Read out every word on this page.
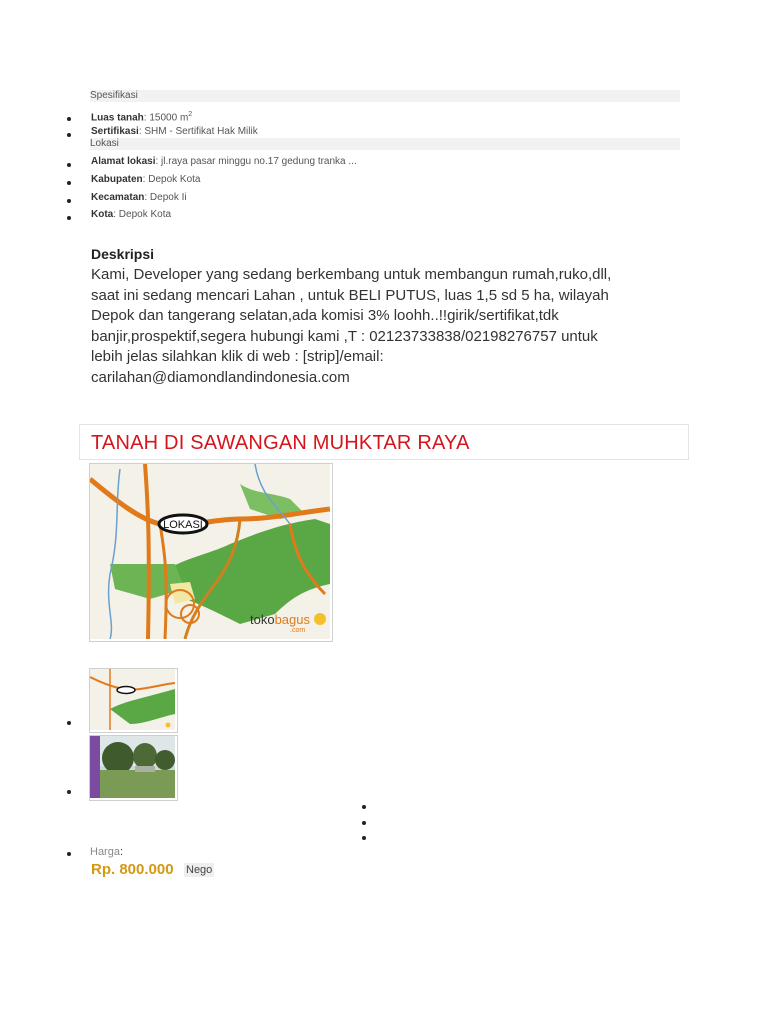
Spesifikasi
Luas tanah: 15000 $m^2$
Sertifikasi: SHM - Sertifikat Hak Milik
Lokasi
Alamat lokasi: jl.raya pasar minggu no.17 gedung tranka ...
Kabupaten: Depok Kota
Kecamatan: Depok Ii
Kota: Depok Kota
Deskripsi
Kami, Developer yang sedang berkembang untuk membangun rumah,ruko,dll,
saat ini sedang mencari Lahan , untuk BELI PUTUS, luas 1,5 sd 5 ha, wilayah
Depok dan tangerang selatan,ada komisi 3% loohh..!!girik/sertifikat,tdk
banjir,prospektif,segera hubungi kami ,T : 02123733838/02198276757 untuk
lebih jelas silahkan klik di web : [strip]/email:
carilahan@diamondlandindonesia.com
TANAH DI SAWANGAN MUHKTAR RAYA
LOKASI
tokobagus
.com
Harga:
Rp. 800.000 Nego
